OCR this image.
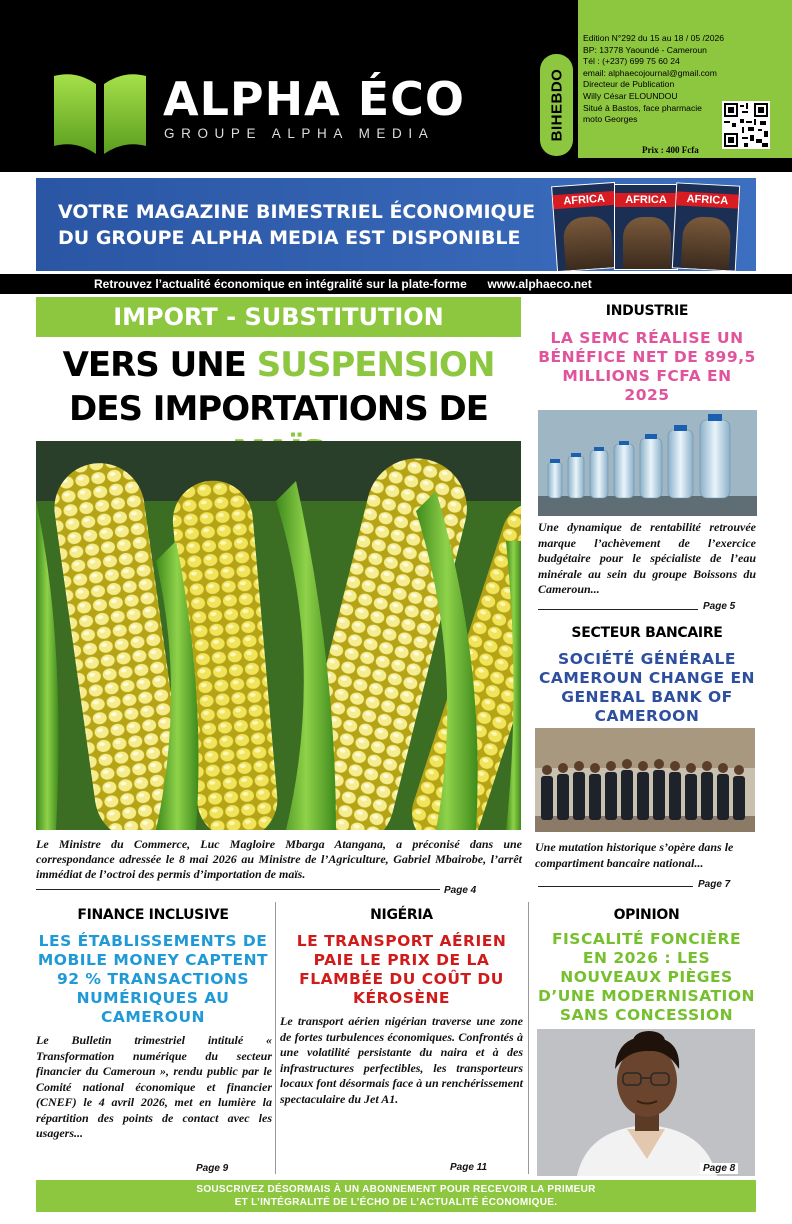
ALPHA ÉCO
GROUPE ALPHA MEDIA	BIHEBDO
Edition N°292 du 15 au 18 / 05 /2026
BP: 13778 Yaoundé - Cameroun
Tél : (+237) 699 75 60 24
email: alphaecojournal@gmail.com
Directeur de Publication
Willy César ELOUNDOU
Situé à Bastos, face pharmacie
moto Georges
Prix : 400 Fcfa
VOTRE MAGAZINE BIMESTRIEL ÉCONOMIQUE
DU GROUPE ALPHA MEDIA EST DISPONIBLE
AFRICA	AFRICA	AFRICA
Retrouvez l’actualité économique en intégralité sur la plate-forme www.alphaeco.net
IMPORT - SUBSTITUTION
VERS UNE SUSPENSION
DES IMPORTATIONS DE
Le Ministre du Commerce, Luc Magloire Mbarga Atangana, a préconisé dans une correspondance adressée le 8 mai 2026 au Ministre de l’Agriculture, Gabriel Mbairobe, l’arrêt immédiat de l’octroi des permis d’importation de maïs.
Page 4
INDUSTRIE
LA SEMC RÉALISE UN BÉNÉFICE NET DE 899,5 MILLIONS FCFA EN 2025
Une dynamique de rentabilité retrouvée marque l’achèvement de l’exercice budgétaire pour le spécialiste de l’eau minérale au sein du groupe Boissons du Cameroun...
Page 5
SECTEUR BANCAIRE
SOCIÉTÉ GÉNÉRALE CAMEROUN CHANGE EN GENERAL BANK OF CAMEROON
Une mutation historique s’opère dans le compartiment bancaire national...
Page 7
FINANCE INCLUSIVE
LES ÉTABLISSEMENTS DE MOBILE MONEY CAPTENT 92 % TRANSACTIONS NUMÉRIQUES AU CAMEROUN
Le Bulletin trimestriel intitulé « Transformation numérique du secteur financier du Cameroun », rendu public par le Comité national économique et financier (CNEF) le 4 avril 2026, met en lumière la répartition des points de contact avec les usagers...
Page 9
NIGÉRIA
LE TRANSPORT AÉRIEN PAIE LE PRIX DE LA FLAMBÉE DU COÛT DU KÉROSÈNE
Le transport aérien nigérian traverse une zone de fortes turbulences économiques. Confrontés à une volatilité persistante du naira et à des infrastructures perfectibles, les transporteurs locaux font désormais face à un renchérissement spectaculaire du Jet A1.
Page 11
OPINION
FISCALITÉ FONCIÈRE EN 2026 : LES NOUVEAUX PIÈGES D’UNE MODERNISATION SANS CONCESSION
Page 8
SOUSCRIVEZ DÉSORMAIS À UN ABONNEMENT POUR RECEVOIR LA PRIMEUR
ET L’INTÉGRALITÉ DE L’ÉCHO DE L’ACTUALITÉ ÉCONOMIQUE.
